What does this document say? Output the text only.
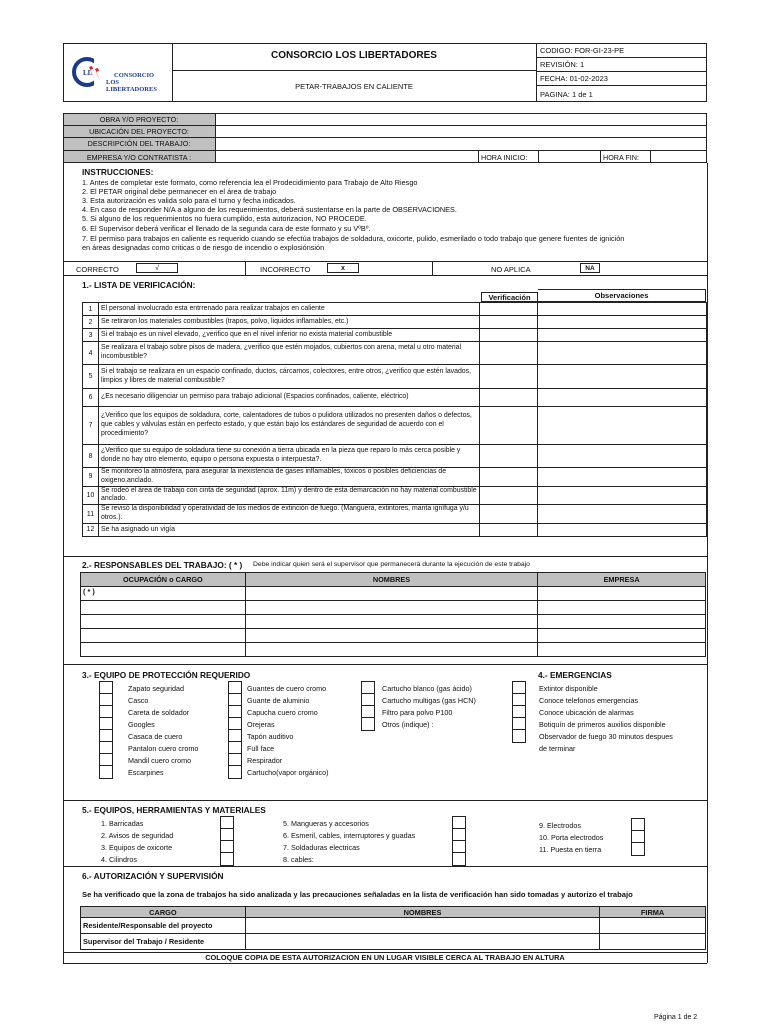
LL	CONSORCIO
LOS LIBERTADORES
CONSORCIO LOS LIBERTADORES
PETAR-TRABAJOS EN CALIENTE
CODIGO: FOR-GI-23-PE
REVISIÓN: 1
FECHA: 01-02-2023
PAGINA: 1 de 1
OBRA Y/O PROYECTO:
UBICACIÓN DEL PROYECTO:
DESCRIPCIÓN DEL TRABAJO:
EMPRESA Y/O CONTRATISTA :	HORA INICIO:	HORA FIN:
INSTRUCCIONES:
1. Antes de completar este formato, como referencia lea el Prodecidimiento para Trabajo de Alto Riesgo
2. El PETAR original debe permanecer en el área de trabajo
3. Esta autorización es valida solo para el turno y fecha indicados.
4. En caso de responder N/A a alguno de los requerimientos, deberá sustentarse en la parte de OBSERVACIONES.
5. Si alguno de los requerimientos no fuera cumplido, esta autorizacion, NO PROCEDE.
6. El Supervisor deberá verificar el llenado de la segunda cara de este formato y su VºBº.
7. El permiso para trabajos en caliente es requerido cuando se efectúa trabajos de soldadura, oxicorte, pulido, esmerilado o todo trabajo que genere fuentes de ignición
en áreas designadas como criticas o de riesgo de incendio o explosiónsión
CORRECTO	√	INCORRECTO	x	NO APLICA	NA
1.- LISTA DE VERIFICACIÓN:
Verificación	Observaciones
1	El personal involucrado esta entrrenado para realizar trabajos en caliente		
2	Se retiraron los materiales combustibles (trapos, polvo, liquidos inflamables, etc.)		
3	Si el trabajo es un nivel elevado, ¿verifico que en el nivel inferior no exista material combustible		
4	Se realizara el trabajo sobre pisos de madera, ¿verifico que estén mojados, cubiertos con arena, metal u otro material incombustible?		
5	Si el trabajo se realizara en un espacio confinado, ductos, cárcamos, colectores, entre otros, ¿verifico que estén lavados, limpios y libres de material combustible?		
6	¿Es necesario diligenciar un permiso para trabajo adicional (Espacios confinados, caliente, eléctrico)		
7	¿Verifico que los equipos de soldadura, corte, calentadores de tubos o pulidora utilizados no presenten daños o defectos, que cables y válvulas están en perfecto estado, y que están bajo los estándares de seguridad de acuerdo con el procedimiento?		
8	¿Verifico que su equipo de soldadura tiene su conexión a tierra ubicada en la pieza que reparo lo más cerca posible y donde no hay otro elemento, equipo o persona expuesta o interpuesta?.		
9	Se monitoreo la atmósfera, para asegurar la inexistencia de gases inflamables, tóxicos o posibles deficiencias de oxigeno.anclado.		
10	Se rodeó el área de trabajo con cinta de seguridad (aprox. 11m) y dentro de esta demarcación no hay material combustible anclado.		
11	Se revisó la disponibilidad y operatividad de los medios de extinción de fuego. (Manguera, extintores, manta ignífuga y/u otros.).		
12	Se ha asignado un vigía		
2.- RESPONSABLES DEL TRABAJO: ( * ) Debe indicar quien será el supervisor que permanecerá durante la ejecución de este trabajo
OCUPACIÓN o CARGO	NOMBRES	EMPRESA
( * )		

3.- EQUIPO DE PROTECCIÓN REQUERIDO	4.- EMERGENCIAS
Zapato seguridad
Casco
Careta de soldador
Googles
Casaca de cuero
Pantalon cuero cromo
Mandil cuero cromo
Escarpines
Guantes de cuero cromo
Guante de aluminio
Capucha cuero cromo
Orejeras
Tapón auditivo
Full face
Respirador
Cartucho(vapor orgánico)
Cartucho blanco (gas ácido)
Cartucho multigas (gas HCN)
Filtro para polvo P100
Otros (indique) :
Extintor disponible
Conoce telefonos emergencias
Conoce ubicación de alarmas
Botiquín de primeros auxilios disponible
Observador de fuego 30 minutos despues
de terminar
5.- EQUIPOS, HERRAMIENTAS Y MATERIALES
1. Barricadas
2. Avisos de seguridad
3. Equipos de oxicorte
4. Cilindros
5. Mangueras y accesorios
6. Esmeril, cables, interruptores y guadas
7. Soldaduras electricas
8. cables:
9. Electrodos
10. Porta electrodos
11. Puesta en tierra
6.- AUTORIZACIÓN Y SUPERVISIÓN
Se ha verificado que la zona de trabajos ha sido analizada y las precauciones señaladas en la lista de verificación han sido tomadas y autorizo el trabajo
CARGO	NOMBRES	FIRMA
Residente/Responsable del proyecto		
Supervisor del Trabajo / Residente		
COLOQUE COPIA DE ESTA AUTORIZACION EN UN LUGAR VISIBLE CERCA AL TRABAJO EN ALTURA
Página 1 de 2
